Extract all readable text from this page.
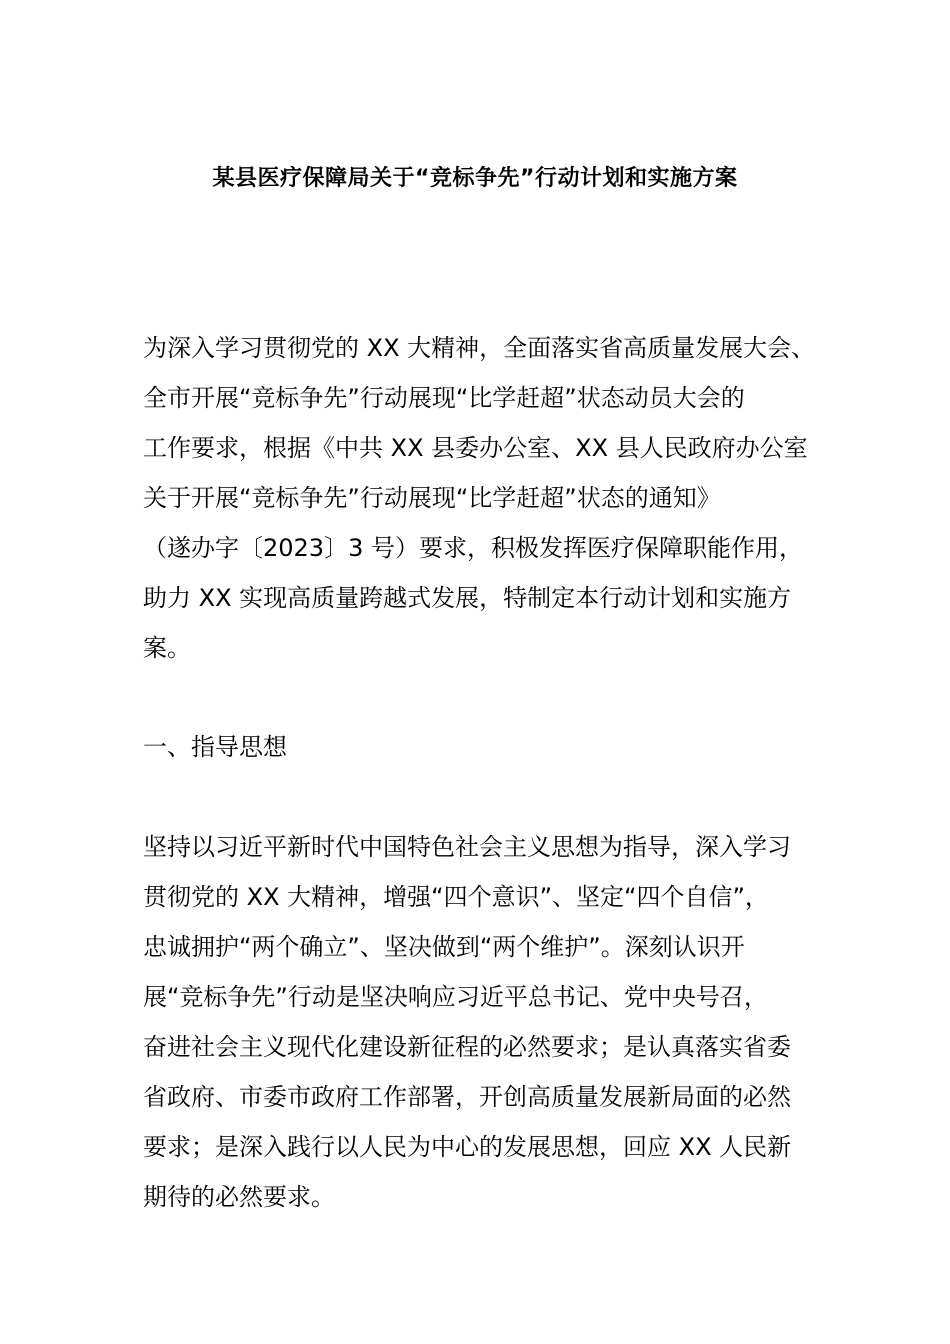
某县医疗保障局关于“竞标争先”行动计划和实施方案
为深入学习贯彻党的 XX 大精神，全面落实省高质量发展大会、
全市开展“竞标争先”行动展现“比学赶超”状态动员大会的
工作要求，根据《中共 XX 县委办公室、XX 县人民政府办公室
关于开展“竞标争先”行动展现“比学赶超”状态的通知》
（遂办字〔2023〕3 号）要求，积极发挥医疗保障职能作用，
助力 XX 实现高质量跨越式发展，特制定本行动计划和实施方
案。
一、指导思想
坚持以习近平新时代中国特色社会主义思想为指导，深入学习
贯彻党的 XX 大精神，增强“四个意识”、坚定“四个自信”，
忠诚拥护“两个确立”、坚决做到“两个维护”。深刻认识开
展“竞标争先”行动是坚决响应习近平总书记、党中央号召，
奋进社会主义现代化建设新征程的必然要求；是认真落实省委
省政府、市委市政府工作部署，开创高质量发展新局面的必然
要求；是深入践行以人民为中心的发展思想，回应 XX 人民新
期待的必然要求。
